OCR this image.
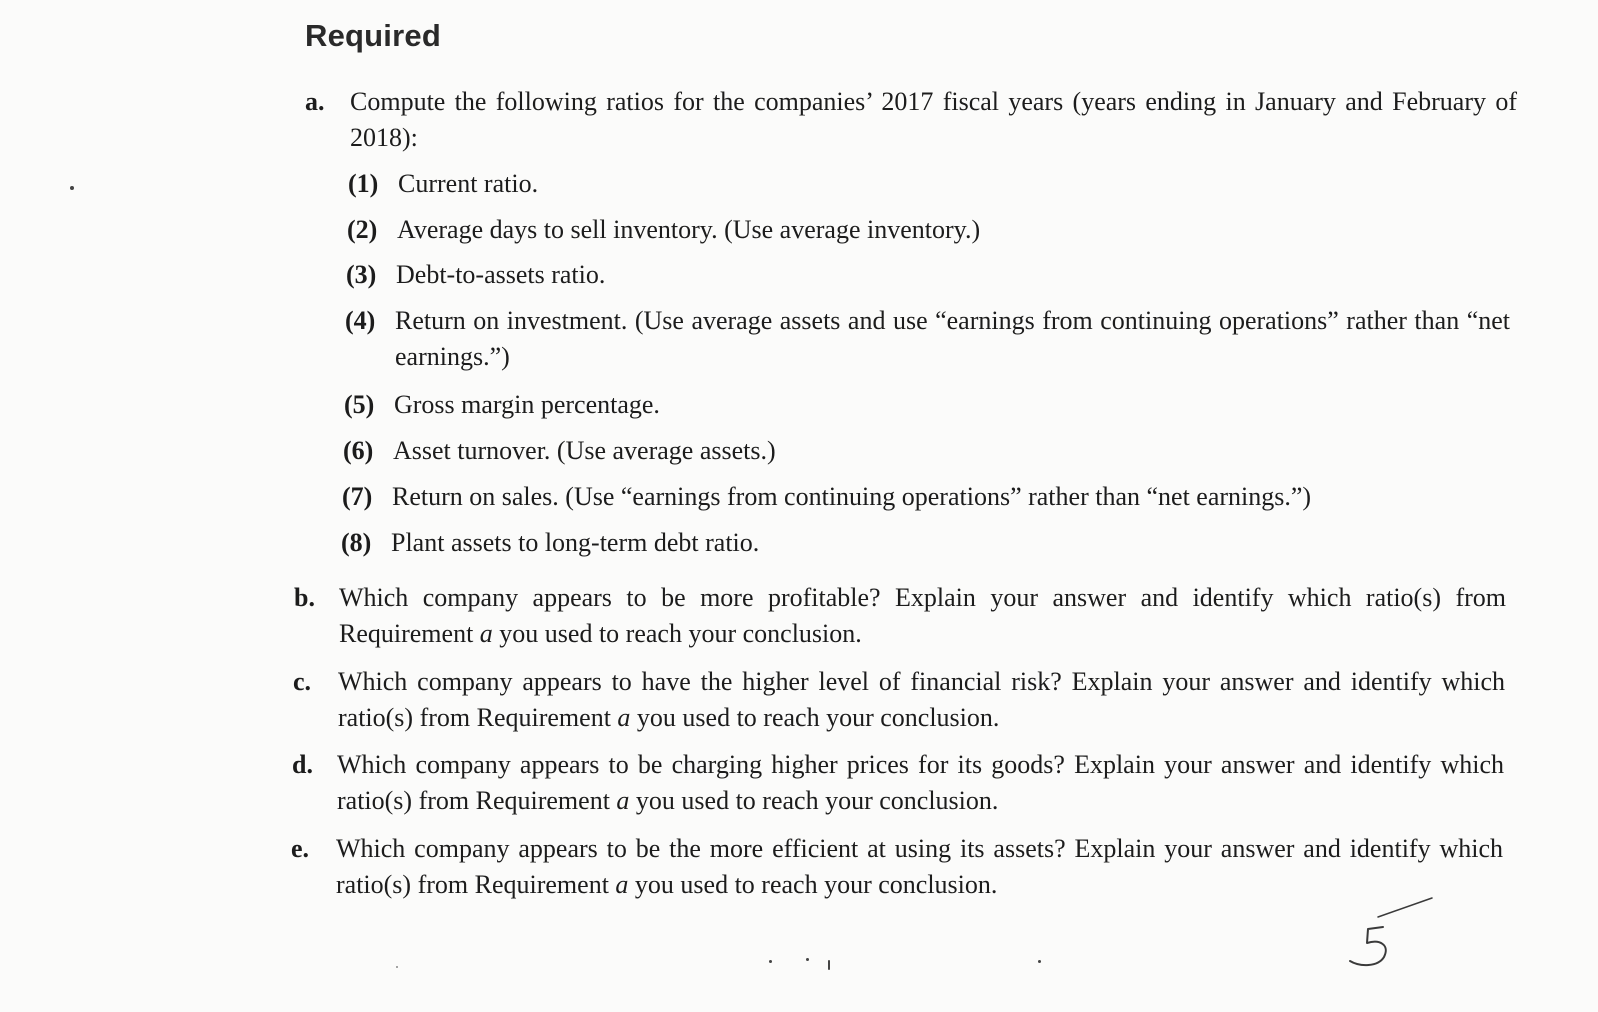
Required
a. Compute the following ratios for the companies’ 2017 fiscal years (years ending in January and February of 2018):
(1) Current ratio.
(2) Average days to sell inventory. (Use average inventory.)
(3) Debt-to-assets ratio.
(4) Return on investment. (Use average assets and use “earnings from continuing operations” rather than “net earnings.”)
(5) Gross margin percentage.
(6) Asset turnover. (Use average assets.)
(7) Return on sales. (Use “earnings from continuing operations” rather than “net earnings.”)
(8) Plant assets to long-term debt ratio.
b. Which company appears to be more profitable? Explain your answer and identify which ratio(s) from Requirement a you used to reach your conclusion.
c. Which company appears to have the higher level of financial risk? Explain your answer and identify which ratio(s) from Requirement a you used to reach your conclusion.
d. Which company appears to be charging higher prices for its goods? Explain your answer and identify which ratio(s) from Requirement a you used to reach your conclusion.
e. Which company appears to be the more efficient at using its assets? Explain your answer and identify which ratio(s) from Requirement a you used to reach your conclusion.
